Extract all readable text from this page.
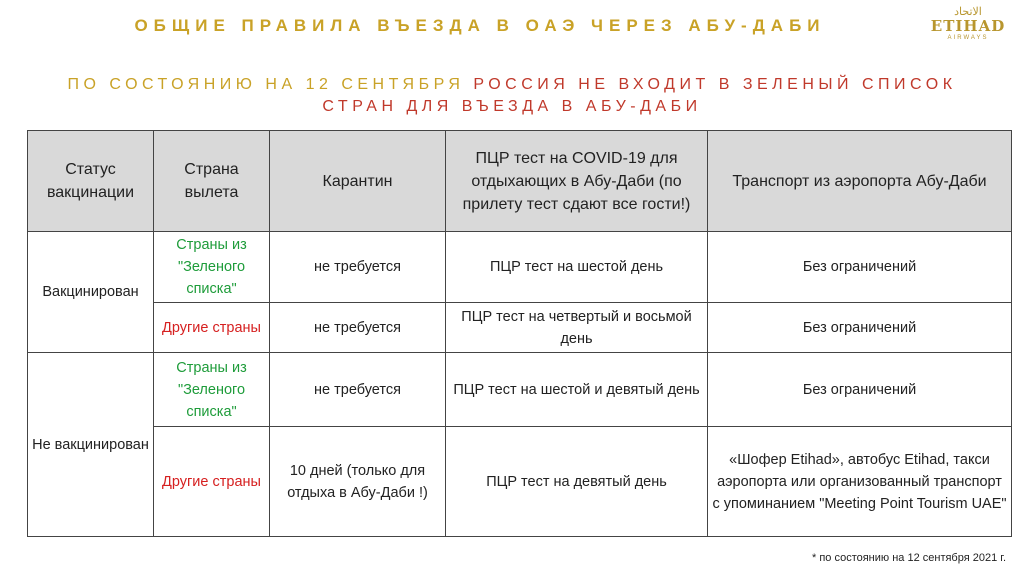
ОБЩИЕ ПРАВИЛА ВЪЕЗДА В ОАЭ ЧЕРЕЗ АБУ-ДАБИ
الاتحاد
ETIHAD
AIRWAYS
ПО СОСТОЯНИЮ НА 12 СЕНТЯБРЯ РОССИЯ НЕ ВХОДИТ В ЗЕЛЕНЫЙ СПИСОК СТРАН ДЛЯ ВЪЕЗДА В АБУ-ДАБИ
Статус вакцинации	Страна вылета	Карантин	ПЦР тест на COVID-19 для отдыхающих в Абу-Даби (по прилету тест сдают все гости!)	Транспорт из аэропорта Абу-Даби
Вакцинирован	Страны из "Зеленого списка"	не требуется	ПЦР тест на шестой день	Без ограничений
	Другие страны	не требуется	ПЦР тест на четвертый и восьмой день	Без ограничений
Не вакцинирован	Страны из "Зеленого списка"	не требуется	ПЦР тест на шестой и девятый день	Без ограничений
	Другие страны	10 дней (только для отдыха в Абу-Даби !)	ПЦР тест на девятый день	«Шофер Etihad», автобус Etihad, такси аэропорта или организованный транспорт с упоминанием "Meeting Point Tourism UAE"
* по состоянию на 12 сентября 2021 г.
